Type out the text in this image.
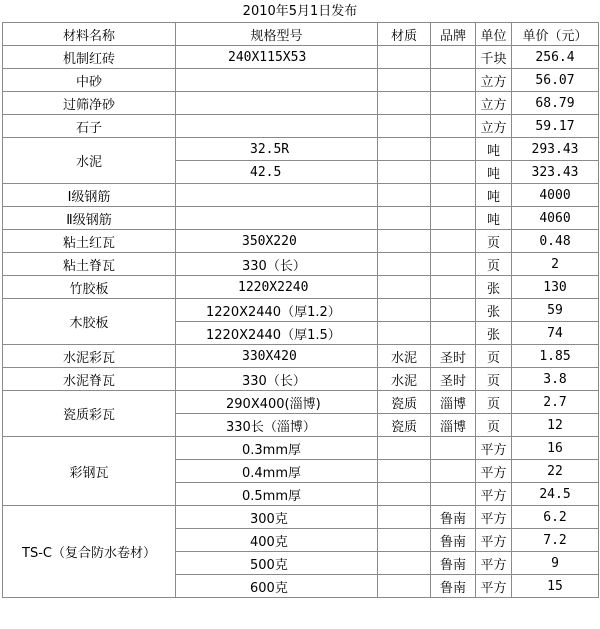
2010年5月1日发布
材料名称	规格型号	材质	品牌	单位	单价（元）
机制红砖	240X115X53			千块	256.4
中砂				立方	56.07
过筛净砂				立方	68.79
石子				立方	59.17
水泥	32.5R			吨	293.43
	42.5			吨	323.43
Ⅰ级钢筋				吨	4000
Ⅱ级钢筋				吨	4060
粘土红瓦	350X220			页	0.48
粘土脊瓦	330（长）			页	2
竹胶板	1220X2240			张	130
木胶板	1220X2440（厚1.2）			张	59
	1220X2440（厚1.5）			张	74
水泥彩瓦	330X420	水泥	圣时	页	1.85
水泥脊瓦	330（长）	水泥	圣时	页	3.8
瓷质彩瓦	290X400(淄博)	瓷质	淄博	页	2.7
	330长（淄博）	瓷质	淄博	页	12
彩钢瓦	0.3mm厚			平方	16
	0.4mm厚			平方	22
	0.5mm厚			平方	24.5
TS-C（复合防水卷材）	300克		鲁南	平方	6.2
	400克		鲁南	平方	7.2
	500克		鲁南	平方	9
	600克		鲁南	平方	15
